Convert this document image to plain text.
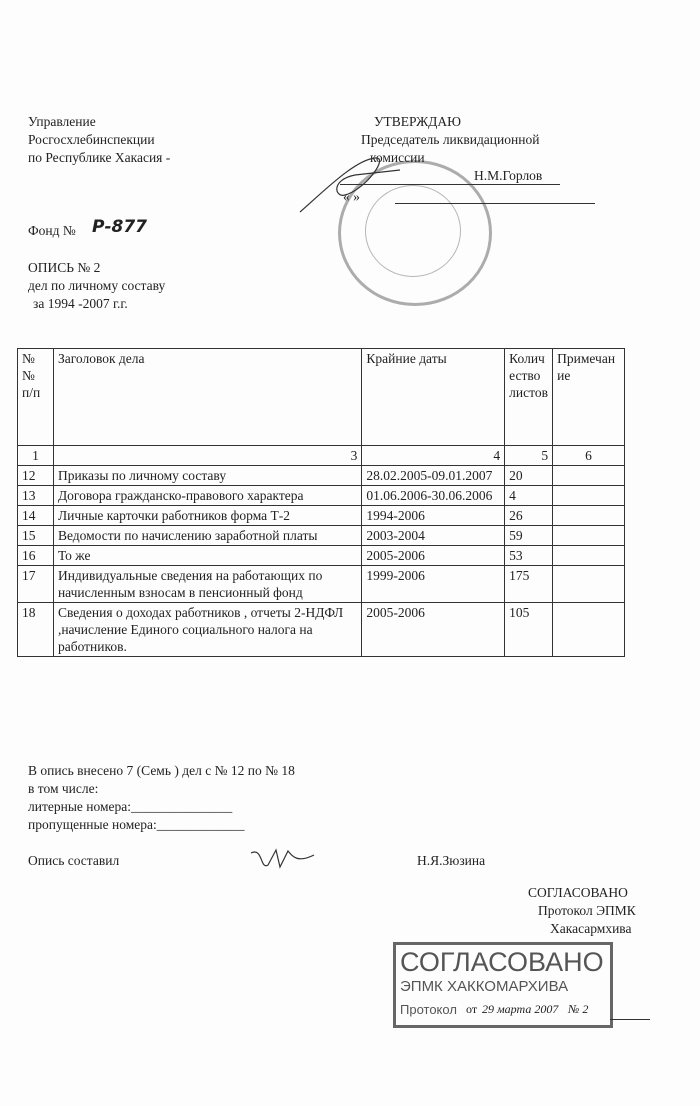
Управление
Росгосхлебинспекции
по Республике Хакасия -
УТВЕРЖДАЮ
Председатель ликвидационной
комиссии
Н.М.Горлов
« »
Фонд № Р-877
ОПИСЬ № 2
дел по личному составу
за 1994 -2007 г.г.
№ № п/п	Заголовок дела	Крайние даты	Количество листов	Примечание
1	3	4	5	6
12	Приказы по личному составу	28.02.2005-09.01.2007	20	
13	Договора гражданско-правового характера	01.06.2006-30.06.2006	4	
14	Личные карточки работников форма Т-2	1994-2006	26	
15	Ведомости по начислению заработной платы	2003-2004	59	
16	То же	2005-2006	53	
17	Индивидуальные сведения на работающих по начисленным взносам в пенсионный фонд	1999-2006	175	
18	Сведения о доходах работников , отчеты 2-НДФЛ ,начисление Единого социального налога на работников.	2005-2006	105	
В опись внесено 7 (Семь ) дел с № 12 по № 18
в том числе:
литерные номера:_______________
пропущенные номера:_____________
Опись составил	Н.Я.Зюзина
СОГЛАСОВАНО
Протокол ЭПМК
Хакасармхива
СОГЛАСОВАНО
ЭПМК ХАККОМАРХИВА
Протокол от 29 марта 2007 № 2
